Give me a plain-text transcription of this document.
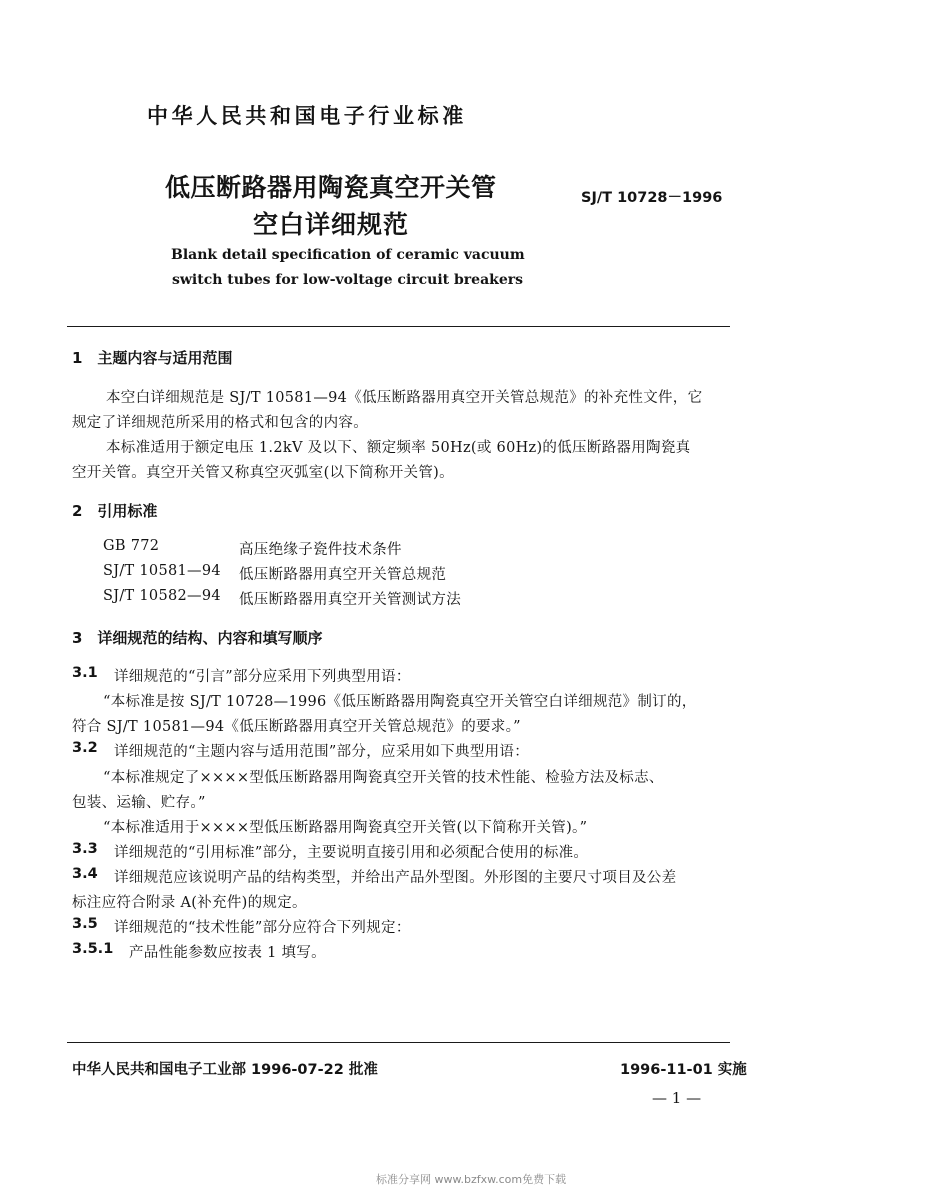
中华人民共和国电子行业标准
低压断路器用陶瓷真空开关管
空白详细规范
SJ/T 10728－1996
Blank detail specification of ceramic vacuum
switch tubes for low-voltage circuit breakers
1　主题内容与适用范围
本空白详细规范是 SJ/T 10581—94《低压断路器用真空开关管总规范》的补充性文件，它
规定了详细规范所采用的格式和包含的内容。
本标准适用于额定电压 1.2kV 及以下、额定频率 50Hz(或 60Hz)的低压断路器用陶瓷真
空开关管。真空开关管又称真空灭弧室(以下简称开关管)。
2　引用标准
GB 772	高压绝缘子瓷件技术条件
SJ/T 10581—94 低压断路器用真空开关管总规范
SJ/T 10582—94 低压断路器用真空开关管测试方法
3　详细规范的结构、内容和填写顺序
3.1 详细规范的“引言”部分应采用下列典型用语：
“本标准是按 SJ/T 10728—1996《低压断路器用陶瓷真空开关管空白详细规范》制订的，
符合 SJ/T 10581—94《低压断路器用真空开关管总规范》的要求。”
3.2 详细规范的“主题内容与适用范围”部分，应采用如下典型用语：
“本标准规定了××××型低压断路器用陶瓷真空开关管的技术性能、检验方法及标志、
包装、运输、贮存。”
“本标准适用于××××型低压断路器用陶瓷真空开关管(以下简称开关管)。”
3.3 详细规范的“引用标准”部分，主要说明直接引用和必须配合使用的标准。
3.4 详细规范应该说明产品的结构类型，并给出产品外型图。外形图的主要尺寸项目及公差
标注应符合附录 A(补充件)的规定。
3.5 详细规范的“技术性能”部分应符合下列规定：
3.5.1 产品性能参数应按表 1 填写。
中华人民共和国电子工业部 1996-07-22 批准	1996-11-01 实施
— 1 —
标准分享网 www.bzfxw.com免费下载
